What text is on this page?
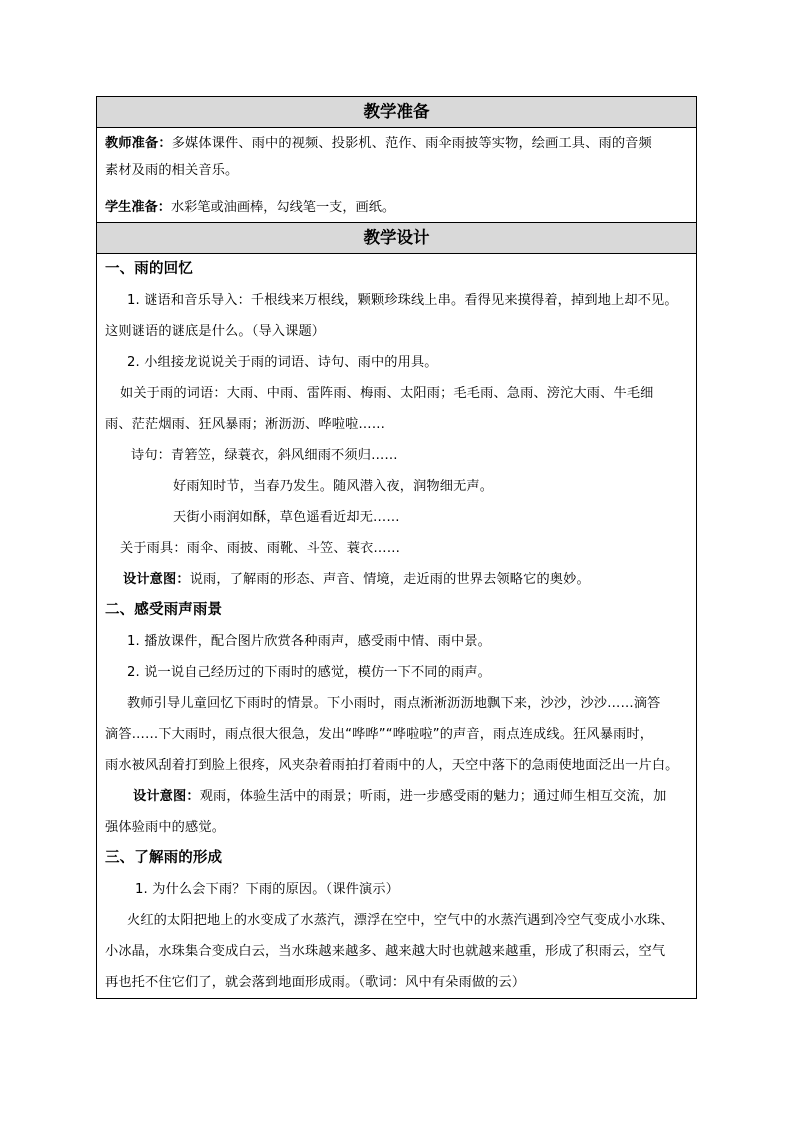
教学准备
教师准备：多媒体课件、雨中的视频、投影机、范作、雨伞雨披等实物，绘画工具、雨的音频
素材及雨的相关音乐。
学生准备：水彩笔或油画棒，勾线笔一支，画纸。
教学设计
一、雨的回忆
1. 谜语和音乐导入：千根线来万根线，颗颗珍珠线上串。看得见来摸得着，掉到地上却不见。
这则谜语的谜底是什么。（导入课题）
2. 小组接龙说说关于雨的词语、诗句、雨中的用具。
如关于雨的词语：大雨、中雨、雷阵雨、梅雨、太阳雨；毛毛雨、急雨、滂沱大雨、牛毛细
雨、茫茫烟雨、狂风暴雨；淅沥沥、哗啦啦……
诗句：青箬笠，绿蓑衣，斜风细雨不须归……
好雨知时节，当春乃发生。随风潜入夜，润物细无声。
天街小雨润如酥，草色遥看近却无……
关于雨具：雨伞、雨披、雨靴、斗笠、蓑衣……
设计意图：说雨，了解雨的形态、声音、情境，走近雨的世界去领略它的奥妙。
二、感受雨声雨景
1. 播放课件，配合图片欣赏各种雨声，感受雨中情、雨中景。
2. 说一说自己经历过的下雨时的感觉，模仿一下不同的雨声。
教师引导儿童回忆下雨时的情景。下小雨时，雨点淅淅沥沥地飘下来，沙沙，沙沙……滴答
滴答……下大雨时，雨点很大很急，发出“哗哗”“哗啦啦”的声音，雨点连成线。狂风暴雨时，
雨水被风刮着打到脸上很疼，风夹杂着雨拍打着雨中的人，天空中落下的急雨使地面泛出一片白。
设计意图：观雨，体验生活中的雨景；听雨，进一步感受雨的魅力；通过师生相互交流，加
强体验雨中的感觉。
三、了解雨的形成
1. 为什么会下雨？下雨的原因。（课件演示）
火红的太阳把地上的水变成了水蒸汽，漂浮在空中，空气中的水蒸汽遇到冷空气变成小水珠、
小冰晶，水珠集合变成白云，当水珠越来越多、越来越大时也就越来越重，形成了积雨云，空气
再也托不住它们了，就会落到地面形成雨。（歌词：风中有朵雨做的云）
